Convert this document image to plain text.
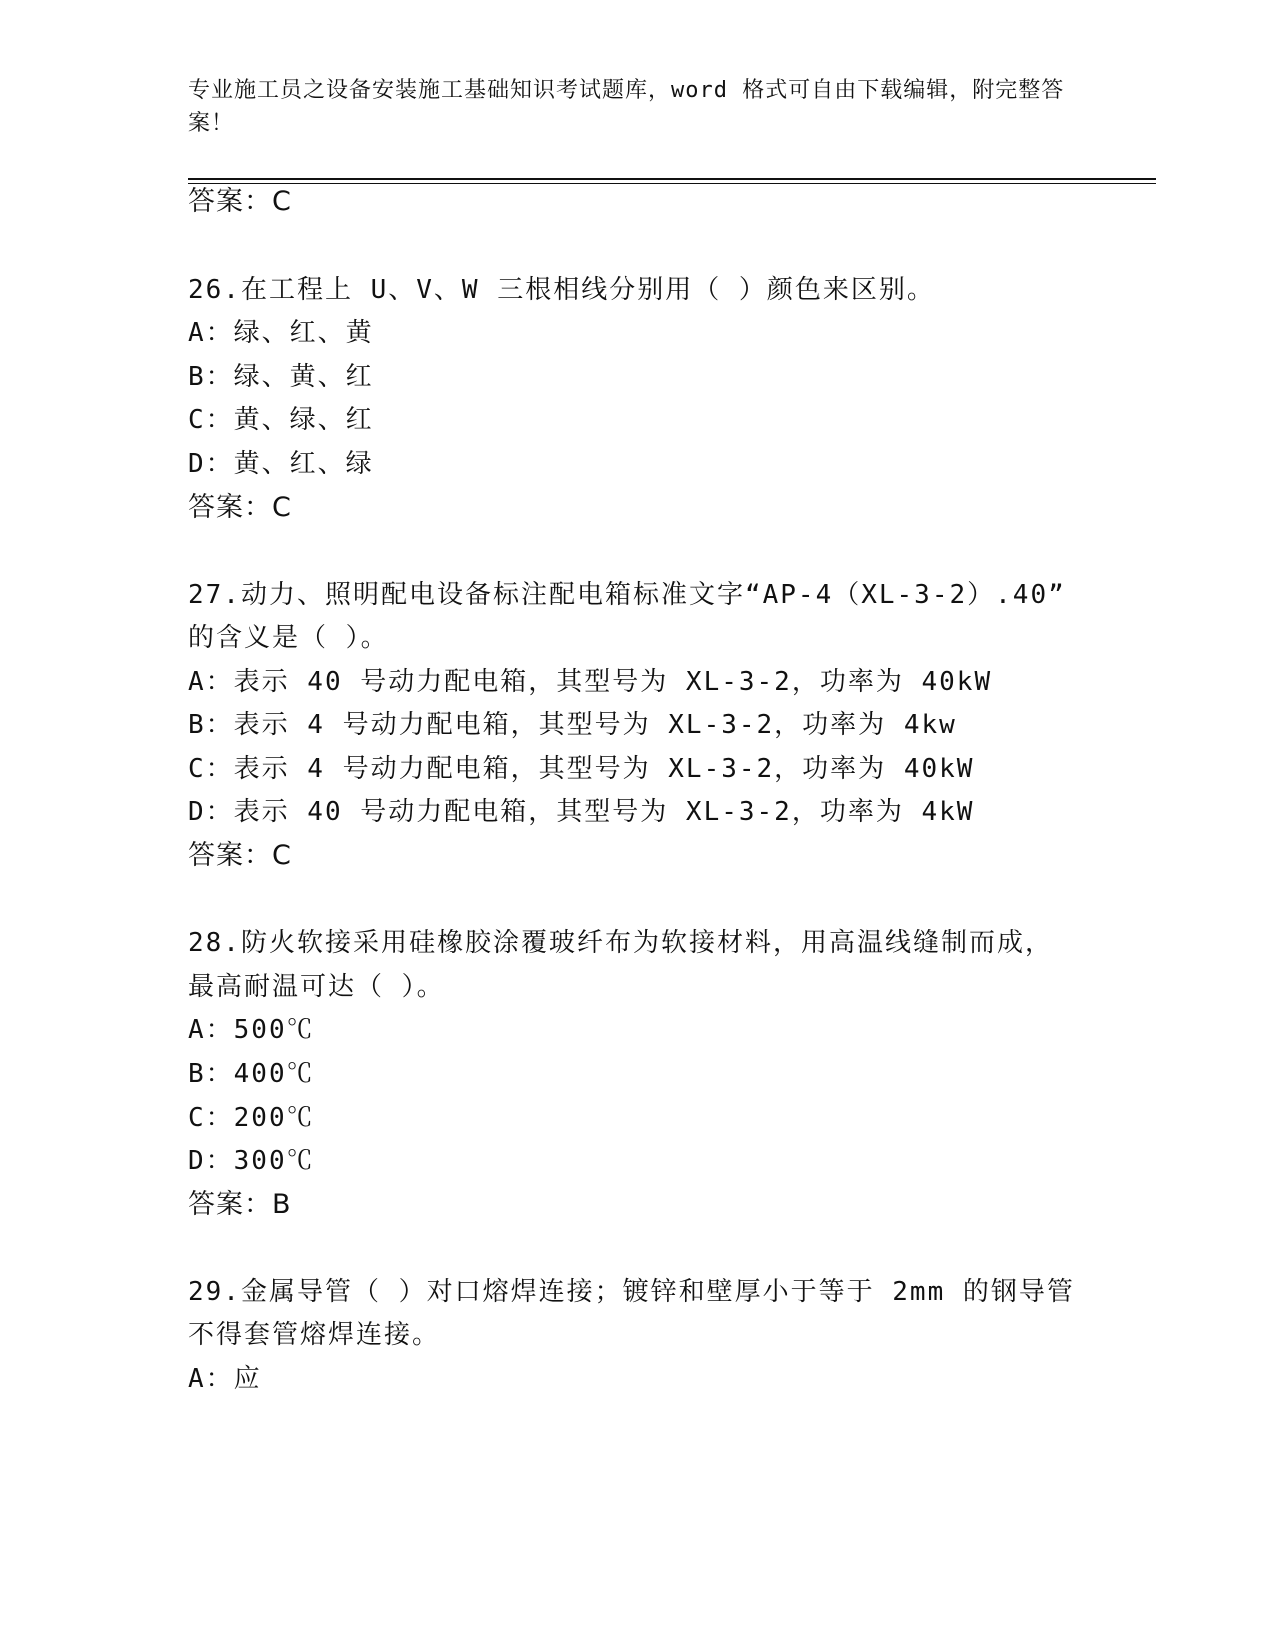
专业施工员之设备安装施工基础知识考试题库，word 格式可自由下载编辑，附完整答案！
答案：C
26.在工程上 U、V、W 三根相线分别用（ ）颜色来区别。
A：绿、红、黄
B：绿、黄、红
C：黄、绿、红
D：黄、红、绿
答案：C
27.动力、照明配电设备标注配电箱标准文字“AP-4（XL-3-2）.40”
的含义是（ ）。
A：表示 40 号动力配电箱，其型号为 XL-3-2，功率为 40kW
B：表示 4 号动力配电箱，其型号为 XL-3-2，功率为 4kw
C：表示 4 号动力配电箱，其型号为 XL-3-2，功率为 40kW
D：表示 40 号动力配电箱，其型号为 XL-3-2，功率为 4kW
答案：C
28.防火软接采用硅橡胶涂覆玻纤布为软接材料，用高温线缝制而成，
最高耐温可达（ ）。
A：500℃
B：400℃
C：200℃
D：300℃
答案：B
29.金属导管（ ）对口熔焊连接；镀锌和壁厚小于等于 2mm 的钢导管
不得套管熔焊连接。
A：应
